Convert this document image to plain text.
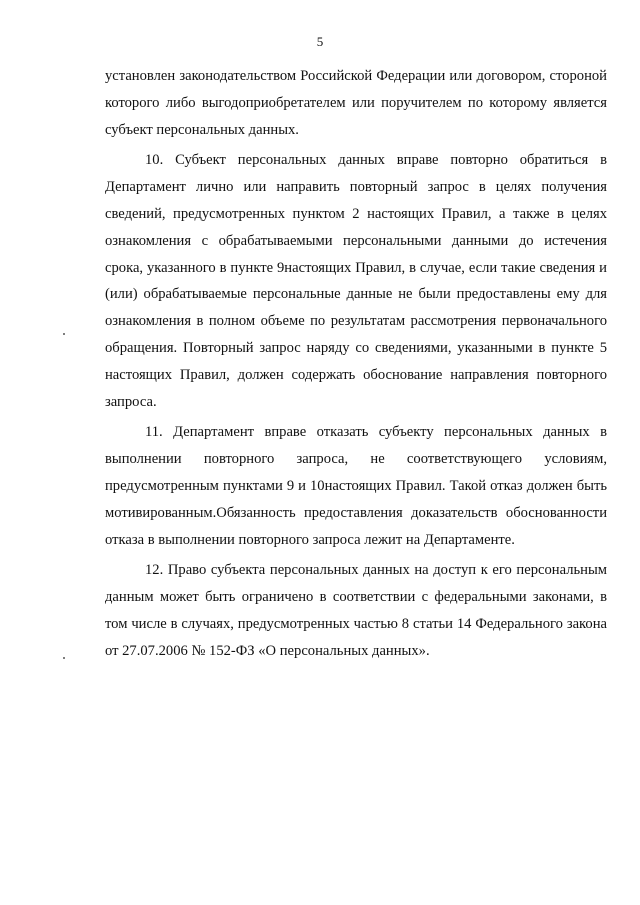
5

установлен законодательством Российской Федерации или договором, стороной которого либо выгодоприобретателем или поручителем по которому является субъект персональных данных.

10. Субъект персональных данных вправе повторно обратиться в Департамент лично или направить повторный запрос в целях получения сведений, предусмотренных пунктом 2 настоящих Правил, а также в целях ознакомления с обрабатываемыми персональными данными до истечения срока, указанного в пункте 9настоящих Правил, в случае, если такие сведения и (или) обрабатываемые персональные данные не были предоставлены ему для ознакомления в полном объеме по результатам рассмотрения первоначального обращения. Повторный запрос наряду со сведениями, указанными в пункте 5 настоящих Правил, должен содержать обоснование направления повторного запроса.

11. Департамент вправе отказать субъекту персональных данных в выполнении повторного запроса, не соответствующего условиям, предусмотренным пунктами 9 и 10настоящих Правил. Такой отказ должен быть мотивированным.Обязанность предоставления доказательств обоснованности отказа в выполнении повторного запроса лежит на Департаменте.

12. Право субъекта персональных данных на доступ к его персональным данным может быть ограничено в соответствии с федеральными законами, в том числе в случаях, предусмотренных частью 8 статьи 14 Федерального закона от 27.07.2006 № 152-ФЗ «О персональных данных».
